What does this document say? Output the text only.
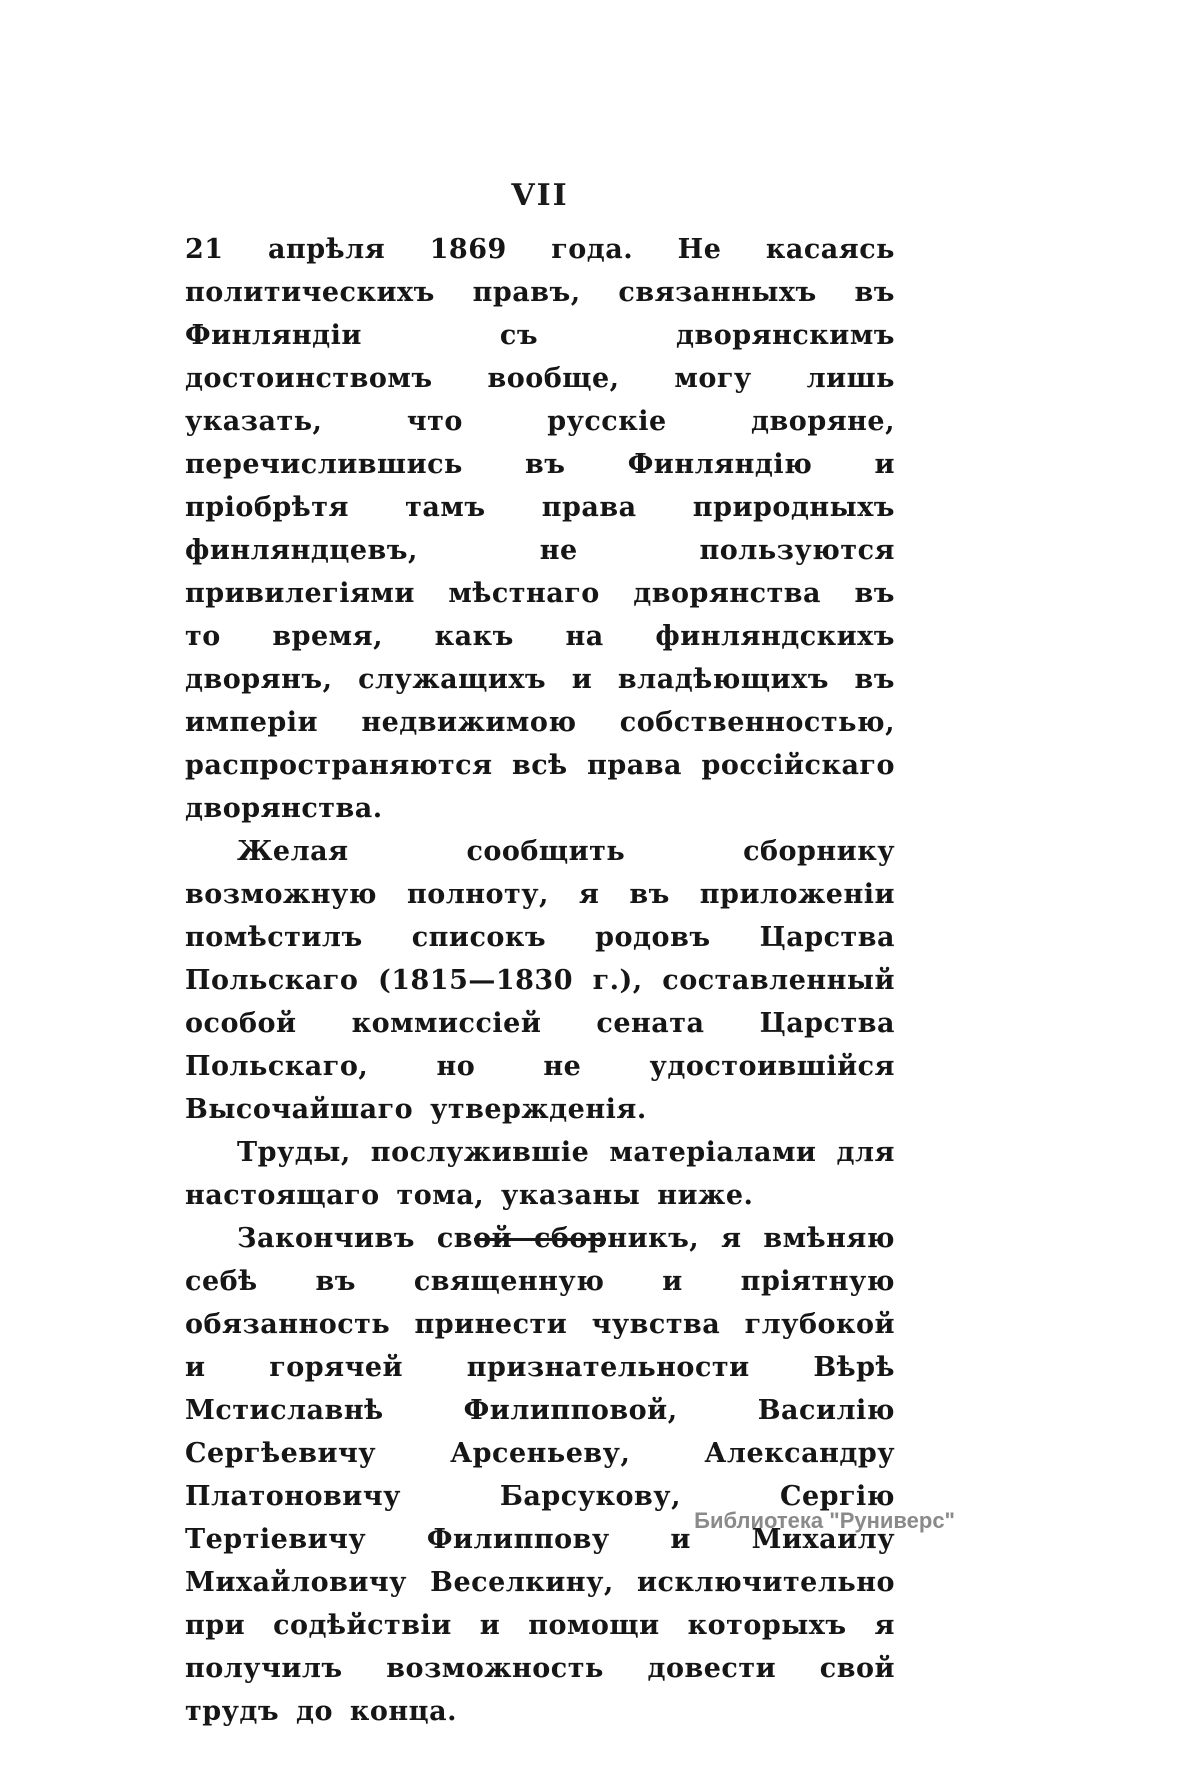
VII

21 апрѣля 1869 года. Не касаясь политическихъ правъ, связанныхъ въ Финляндіи съ дворянскимъ достоинствомъ вообще, могу лишь указать, что русскіе дворяне, перечислившись въ Финляндію и пріобрѣтя тамъ права природныхъ финляндцевъ, не пользуются привилегіями мѣстнаго дворянства въ то время, какъ на финляндскихъ дворянъ, служащихъ и владѣющихъ въ имперіи недвижимою собственностью, распространяются всѣ права россійскаго дворянства.

Желая сообщить сборнику возможную полноту, я въ приложеніи помѣстилъ списокъ родовъ Царства Польскаго (1815—1830 г.), составленный особой коммиссіей сената Царства Польскаго, но не удостоившійся Высочайшаго утвержденія.

Труды, послужившіе матеріалами для настоящаго тома, указаны ниже.

Закончивъ свой сборникъ, я вмѣняю себѣ въ священную и пріятную обязанность принести чувства глубокой и горячей признательности Вѣрѣ Мстиславнѣ Филипповой, Василію Сергѣевичу Арсеньеву, Александру Платоновичу Барсукову, Сергію Тертіевичу Филиппову и Михаилу Михайловичу Веселкину, исключительно при содѣйствіи и помощи которыхъ я получилъ возможность довести свой трудъ до конца.

Библиотека "Руниверс"
